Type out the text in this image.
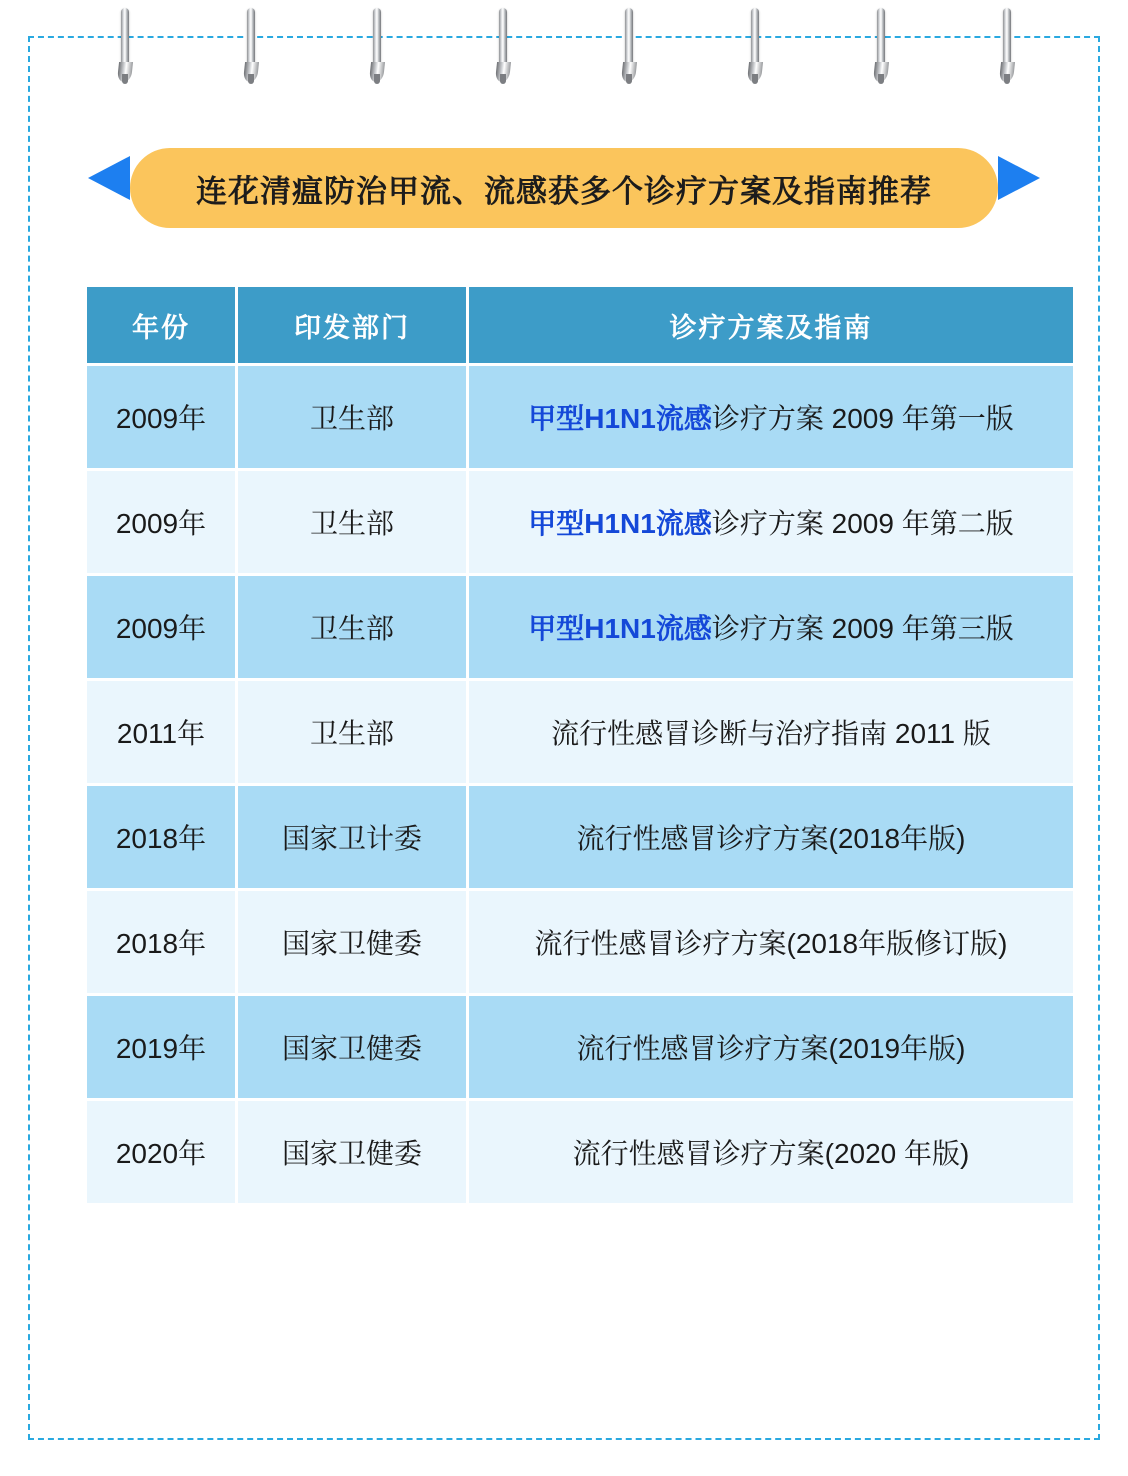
连花清瘟防治甲流、流感获多个诊疗方案及指南推荐
年份	印发部门	诊疗方案及指南
2009年	卫生部	甲型H1N1流感诊疗方案 2009 年第一版
2009年	卫生部	甲型H1N1流感诊疗方案 2009 年第二版
2009年	卫生部	甲型H1N1流感诊疗方案 2009 年第三版
2011年	卫生部	流行性感冒诊断与治疗指南 2011 版
2018年	国家卫计委	流行性感冒诊疗方案(2018年版)
2018年	国家卫健委	流行性感冒诊疗方案(2018年版修订版)
2019年	国家卫健委	流行性感冒诊疗方案(2019年版)
2020年	国家卫健委	流行性感冒诊疗方案(2020 年版)
